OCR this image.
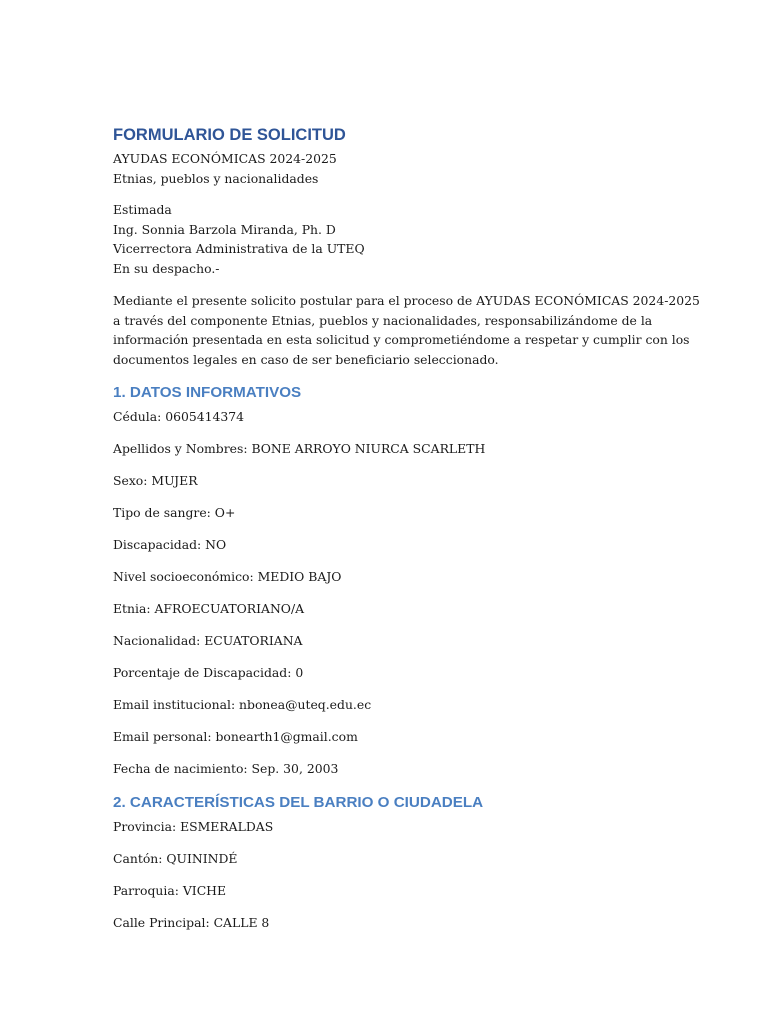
FORMULARIO DE SOLICITUD
AYUDAS ECONÓMICAS 2024-2025
Etnias, pueblos y nacionalidades
Estimada
Ing. Sonnia Barzola Miranda, Ph. D
Vicerrectora Administrativa de la UTEQ
En su despacho.-
Mediante el presente solicito postular para el proceso de AYUDAS ECONÓMICAS 2024-2025
a través del componente Etnias, pueblos y nacionalidades, responsabilizándome de la
información presentada en esta solicitud y comprometiéndome a respetar y cumplir con los
documentos legales en caso de ser beneficiario seleccionado.
1. DATOS INFORMATIVOS
Cédula: 0605414374
Apellidos y Nombres: BONE ARROYO NIURCA SCARLETH
Sexo: MUJER
Tipo de sangre: O+
Discapacidad: NO
Nivel socioeconómico: MEDIO BAJO
Etnia: AFROECUATORIANO/A
Nacionalidad: ECUATORIANA
Porcentaje de Discapacidad: 0
Email institucional: nbonea@uteq.edu.ec
Email personal: bonearth1@gmail.com
Fecha de nacimiento: Sep. 30, 2003
2. CARACTERÍSTICAS DEL BARRIO O CIUDADELA
Provincia: ESMERALDAS
Cantón: QUININDÉ
Parroquia: VICHE
Calle Principal: CALLE 8
